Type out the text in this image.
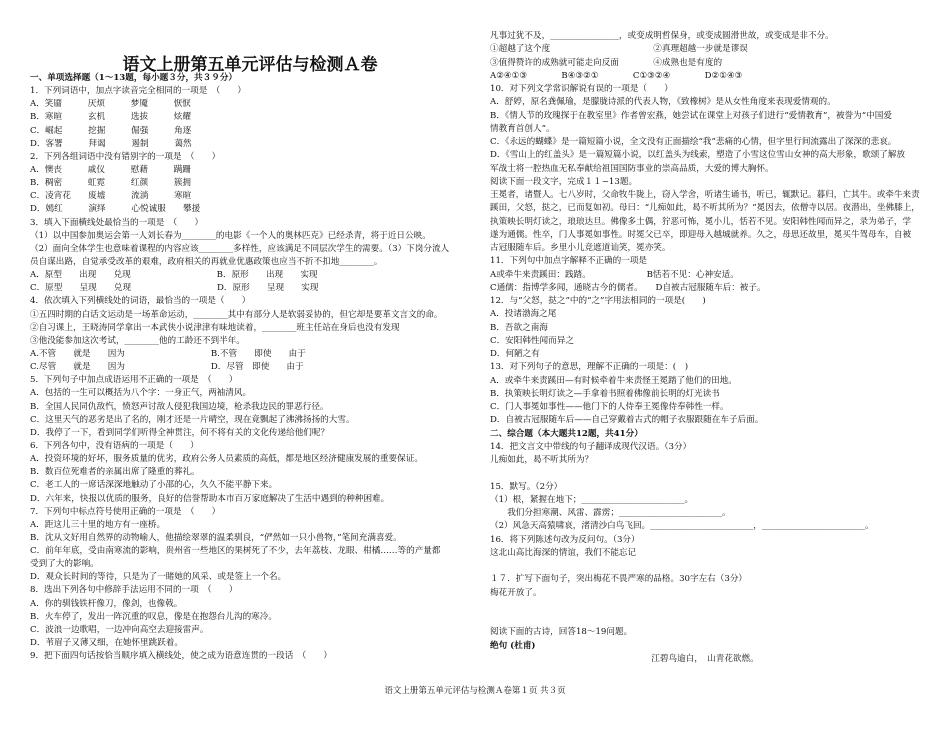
语文上册第五单元评估与检测Ａ卷
一、单项选择题（1～13题，每小题３分，共３９分）
1．下列词语中，加点字读音完全相同的一项是　（　　）
A．笑靥　　　厌烦　　　梦魇　　　恹恹
B．寒暄　　　玄机　　　选拔　　　炫耀
C．崛起　　　挖掘　　　倔强　　　角逐
D．客署　　　拜谒　　　遏制　　　蔼然
2．下列各组词语中没有错别字的一项是　（　　）
A．懊丧　　　戚仪　　　慰藉　　　蹒跚
B．稠密　　　虹霓　　　红颜　　　簇拥
C．凌宵花　　废墟　　　流淌　　　寒暄
D．嫣红　　　演绎　　　心悦诚服　　攀援
3．填入下面横线处最恰当的一项是　（　　）
（1）以中国参加奥运会第一人刘长春为________的电影《一个人的奥林匹克》已经杀青，将于近日公映。
（2）面向全体学生也意味着课程的内容应该________多样性，应该满足不同层次学生的需要。（3）下岗分流人
员自谋出路，自觉承受改革的艰难，政府相关的再就业优惠政策也应当不折不扣地________。
A．原型　　出现　　兑现　　　　　　　　　　B．原形　　出现　　实现
C．原型　　呈现　　兑现　　　　　　　　　　D．原形　　呈现　　实现
4．依次填入下列横线处的词语，最恰当的一项是（　　）
①五四时期的白话文运动是一场革命运动，________其中有部分人是软弱妥协的，但它却是要革文言文的命。
②自习课上，王晓涛同学拿出一本武侠小说津津有味地读着，________班主任站在身后也没有发现
③他没能参加这次考试，________他的工龄还不到半年。
A.不管　　就是　　因为　　　　　　　　　　B.不管　　即使　　由于
C.尽管　　就是　　因为　　　　　　　　　　D．尽管　即使　　由于
5．下列句子中加点成语运用不正确的一项是　（　　）
A．包括的一生可以概括为八个字：一身正气，两袖清风。
B．全国人民同仇敌忾，愤怒声讨敌人侵犯我国边境，枪杀我边民的罪恶行径。
C．这里天气的恶劣是出了名的，刚才还是一片晴空，现在竟飘起了沸沸扬扬的大雪。
D．我停了一下，看到同学们听得全神贯注，何不将有关的文化传递给他们呢？
6．下列各句中，没有语病的一项是（　　）
A．投资环境的好坏，服务质量的优劣，政府公务人员素质的高低，都是地区经济健康发展的重要保证。
B．数百位死难者的亲属出席了隆重的葬礼。
C．老工人的一席话深深地触动了小邵的心，久久不能平静下来。
D．六年来，快报以优质的服务，良好的信誉帮助本市百万家庭解决了生活中遇到的种种困难。
7．下列句中标点符号使用正确的一项是　（　　）
A．距这儿三十里的地方有一座桥。
B．沈从文好用自然界的动物喻人，他描绘翠翠的温柔驯良，“俨然如一只小兽物，”笔间充满喜爱。
C．前年年底，受由南寒流的影响，贵州省一些地区的果树死了不少，去年荔枝、龙眼、柑橘……等的产量都
受到了大的影响。
D．观众长时间的等待，只是为了一睹她的风采、或是签上一个名。
8．选出下列各句中修辞手法运用不同的一项　（　　）
A．你的驯钱铁杆像刀，像剑，也像戟。
B．火车停了，发出一阵沉重的叹息，像是在抱怨台儿沟的寒冷。
C．波浪一边歌唱，一边冲向高空去迎接雷声。
D．苇眉子又薄又细，在她怀里跳跃着。
9．把下面四句话按恰当顺序填入横线处，使之成为语意连贯的一段话　（　　）
凡事过犹不及，________________，或变成明哲保身，或变成圆滑世故，或变成是非不分。
①超越了这个度　　　　　　　　　　　　②真理超越一步就是谬误
③值得赞许的成熟就可能走向反面　　　　④成熟也是有度的
A②④①③　　　　B④③②①　　　　C①③②④　　　　D②①④③
10．对下列文学常识解说有误的一项是（　　）
A．舒婷，原名龚佩瑜，是朦胧诗派的代表人物，《致橡树》是从女性角度来表现爱情观的。
B．《情人节的玫瑰探于在教室里》作者曾宏燕，她尝试在课堂上对孩子们进行“爱情教育”，被誉为“中国爱
情教育首创人”。
C．《永远的蝴蝶》是一篇短篇小说，全文没有正面描绘“我”悲痛的心情，但字里行间流露出了深深的悲哀。
D．《雪山上的红盖头》是一篇短篇小说，以红盖头为线索，塑造了小雪这位雪山女神的高大形象，歌颂了解放
军战士将一腔热血无私奉献给祖国国防事业的崇高品质，大爱的博大胸怀。
阅读下面一段文字，完成１１~13题。
王冕者，诸暨人。七八岁时，父命牧牛陇上，窃入学舍，听诸生诵书，听已，辄默记。暮归，亡其牛。或牵牛来责
蹊田，父怒，挞之，已而复如初。母曰：“儿痴如此，曷不听其所为？”冕因去，依僧寺以居。夜潜出，坐佛膝上，
执策映长明灯读之，琅琅达旦。佛像多土偶，狞恶可怖，冕小儿，恬若不见。安阳韩性闻而异之，录为弟子，学
遂为通儒。性卒，门人事冕如事性。时冕父已卒，即迎母入越城就养。久之，母思还故里，冕买牛驾母车，自被
古冠服随车后。乡里小儿竞遮道讪笑，冕亦笑。
11．下列句中加点字解释不正确的一项是
A或牵牛来责蹊田：践踏。　　　　　　　B恬若不见：心神安适。
C通儒：指博学多闻，通晓古今的儒者。　　D自被古冠服随车后：被子。
12．与“父怒，挞之”中的“之”字用法相同的一项是(　　)
A．投诸渤海之尾
B．吾欲之南海
C．安阳韩性闻而异之
D．何陋之有
13．对下列句子的意思，理解不正确的一项是：(　)
A．或牵牛来责蹊田—有时候牵着牛来责怪王冕踏了他们的田地。
B．执策映长明灯读之—手拿着书照着佛像前长明的灯光读书
C．门人事冕如事性——他门下的人侍奉王冕像侍奉韩性一样。
D．自被古冠服随车后——自己穿戴着古式的帽子衣服跟随在车子后面。
二、综合题（本大题共12题，共41分）
14．把文言文中带线的句子翻译成现代汉语。（3分）
儿痴如此，曷不听其所为？
15．默写。（2分）
（1）根，紧握在地下；________________________。
　　我们分担寒潮、风雷、霹雳；________________________。
（2）风急天高猿啸哀，渚清沙白鸟飞回。________________________，________________________。
16．将下列陈述句改为反问句。（3分）
这北山高比海深的情谊，我们不能忘记
１７．扩写下面句子，突出梅花不畏严寒的品格。30字左右（3分）
梅花开放了。
阅读下面的古诗，回答18～19问题。
绝句 (杜甫)
江碧鸟逾白，　山青花欲燃。
语文上册第五单元评估与检测Ａ卷第１页 共３页
